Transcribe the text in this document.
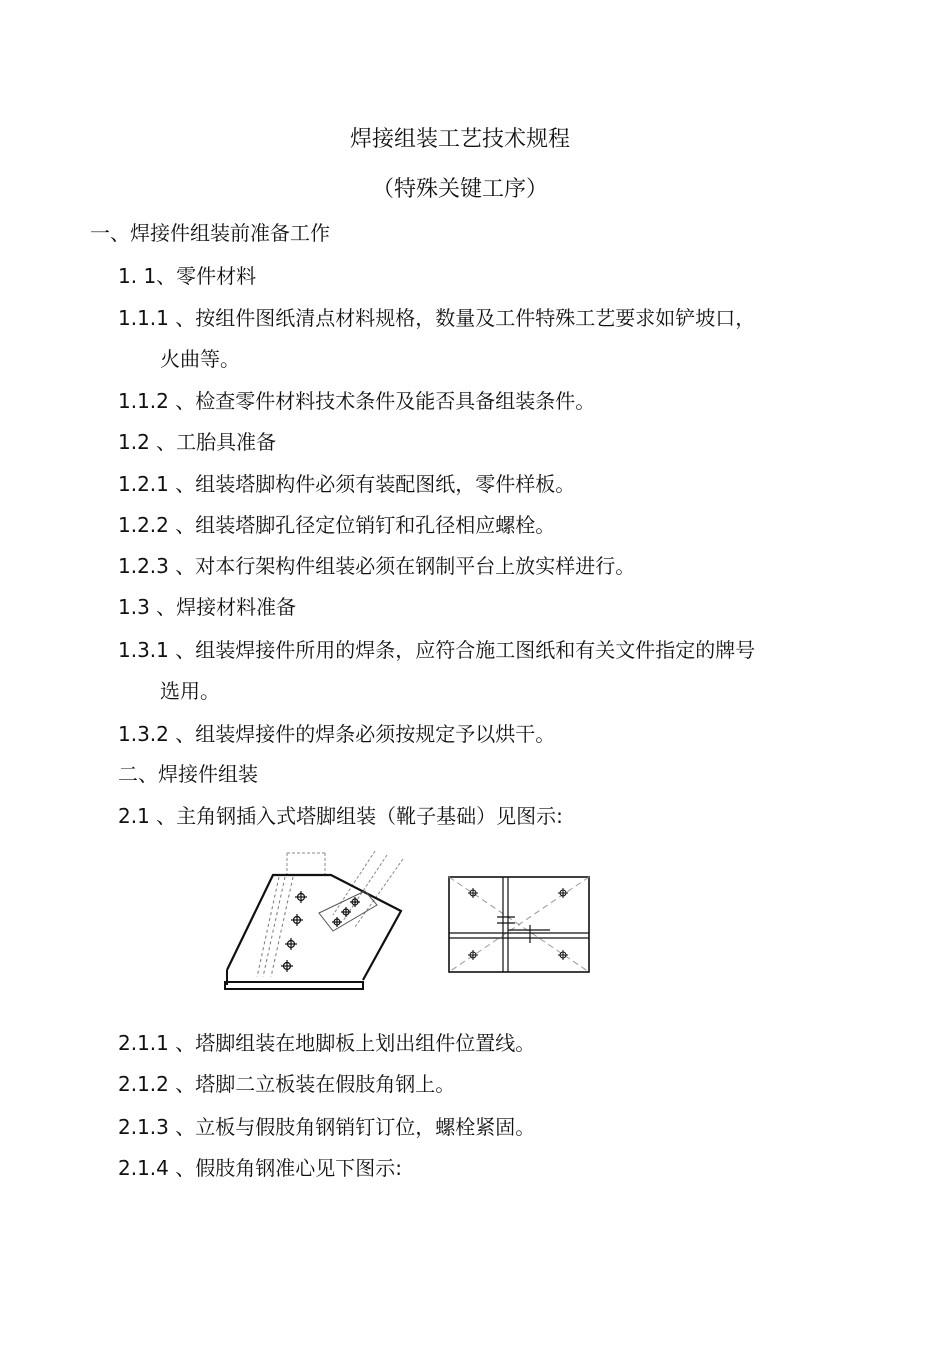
焊接组装工艺技术规程
（特殊关键工序）
一、焊接件组装前准备工作
1. 1、零件材料
1.1.1 、按组件图纸清点材料规格，数量及工件特殊工艺要求如铲坡口，
火曲等。
1.1.2 、检查零件材料技术条件及能否具备组装条件。
1.2 、工胎具准备
1.2.1 、组装塔脚构件必须有装配图纸，零件样板。
1.2.2 、组装塔脚孔径定位销钉和孔径相应螺栓。
1.2.3 、对本行架构件组装必须在钢制平台上放实样进行。
1.3 、焊接材料准备
1.3.1 、组装焊接件所用的焊条，应符合施工图纸和有关文件指定的牌号
选用。
1.3.2 、组装焊接件的焊条必须按规定予以烘干。
二、焊接件组装
2.1 、主角钢插入式塔脚组装（靴子基础）见图示:
2.1.1 、塔脚组装在地脚板上划出组件位置线。
2.1.2 、塔脚二立板装在假肢角钢上。
2.1.3 、立板与假肢角钢销钉订位，螺栓紧固。
2.1.4 、假肢角钢准心见下图示:
